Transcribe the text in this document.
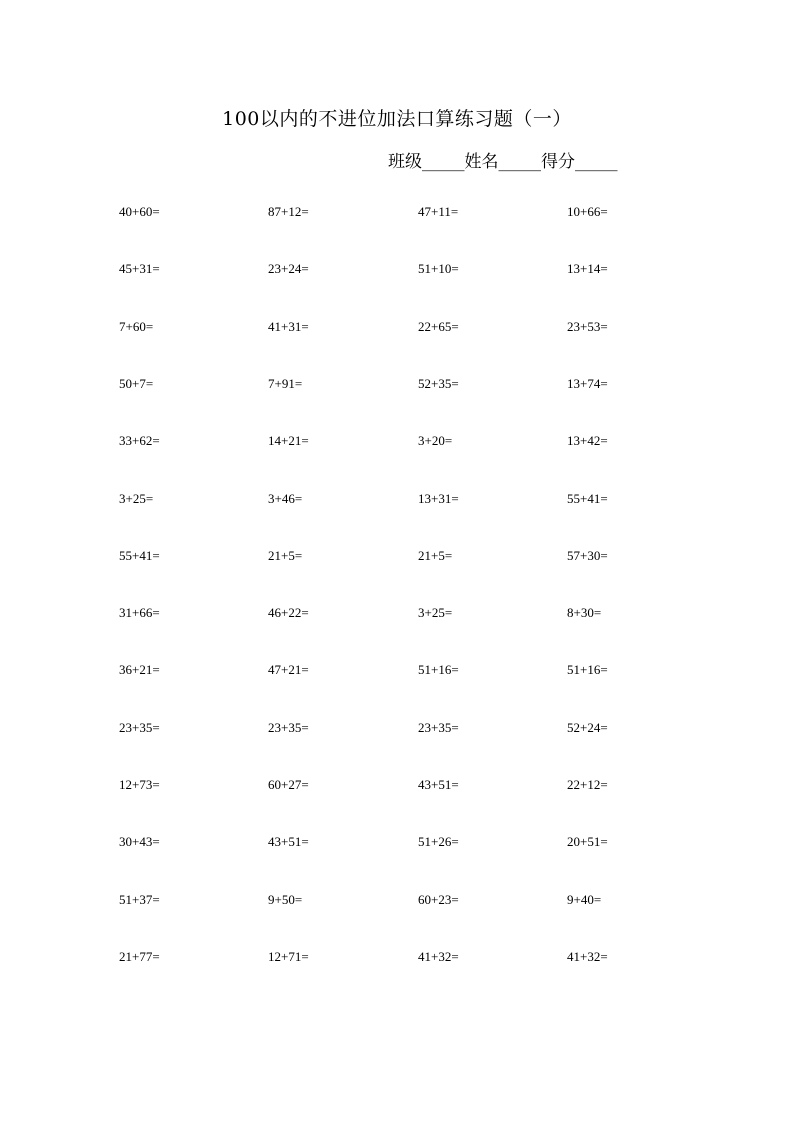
100以内的不进位加法口算练习题（一）
班级_____姓名_____得分_____
40+60=	87+12=	47+11=	10+66=
45+31=	23+24=	51+10=	13+14=
7+60=	41+31=	22+65=	23+53=
50+7=	7+91=	52+35=	13+74=
33+62=	14+21=	3+20=	13+42=
3+25=	3+46=	13+31=	55+41=
55+41=	21+5=	21+5=	57+30=
31+66=	46+22=	3+25=	8+30=
36+21=	47+21=	51+16=	51+16=
23+35=	23+35=	23+35=	52+24=
12+73=	60+27=	43+51=	22+12=
30+43=	43+51=	51+26=	20+51=
51+37=	9+50=	60+23=	9+40=
21+77=	12+71=	41+32=	41+32=
